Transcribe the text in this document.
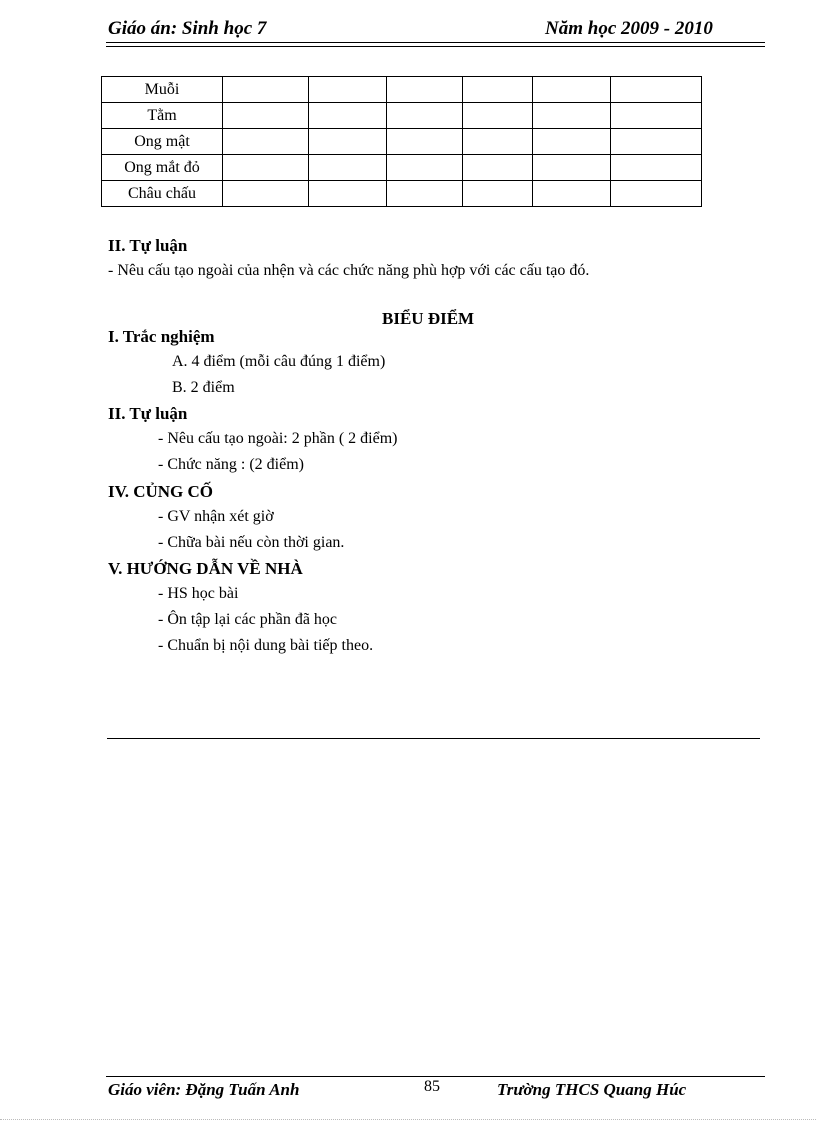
Giáo án: Sinh học 7	Năm học 2009 - 2010
Muỗi						
Tằm						
Ong mật						
Ong mắt đỏ						
Châu chấu						
II. Tự luận
- Nêu cấu tạo ngoài của nhện và các chức năng phù hợp với các cấu tạo đó.
BIỂU ĐIỂM
I. Trắc nghiệm
A. 4 điểm (mỗi câu đúng 1 điểm)
B. 2 điểm
II. Tự luận
- Nêu cấu tạo ngoài: 2 phần ( 2 điểm)
- Chức năng : (2 điểm)
IV. CỦNG CỐ
- GV nhận xét giờ
- Chữa bài nếu còn thời gian.
V. HƯỚNG DẪN VỀ NHÀ
- HS học bài
- Ôn tập lại các phần đã học
- Chuẩn bị nội dung bài tiếp theo.
Giáo viên: Đặng Tuấn Anh	85	Trường THCS Quang Húc
